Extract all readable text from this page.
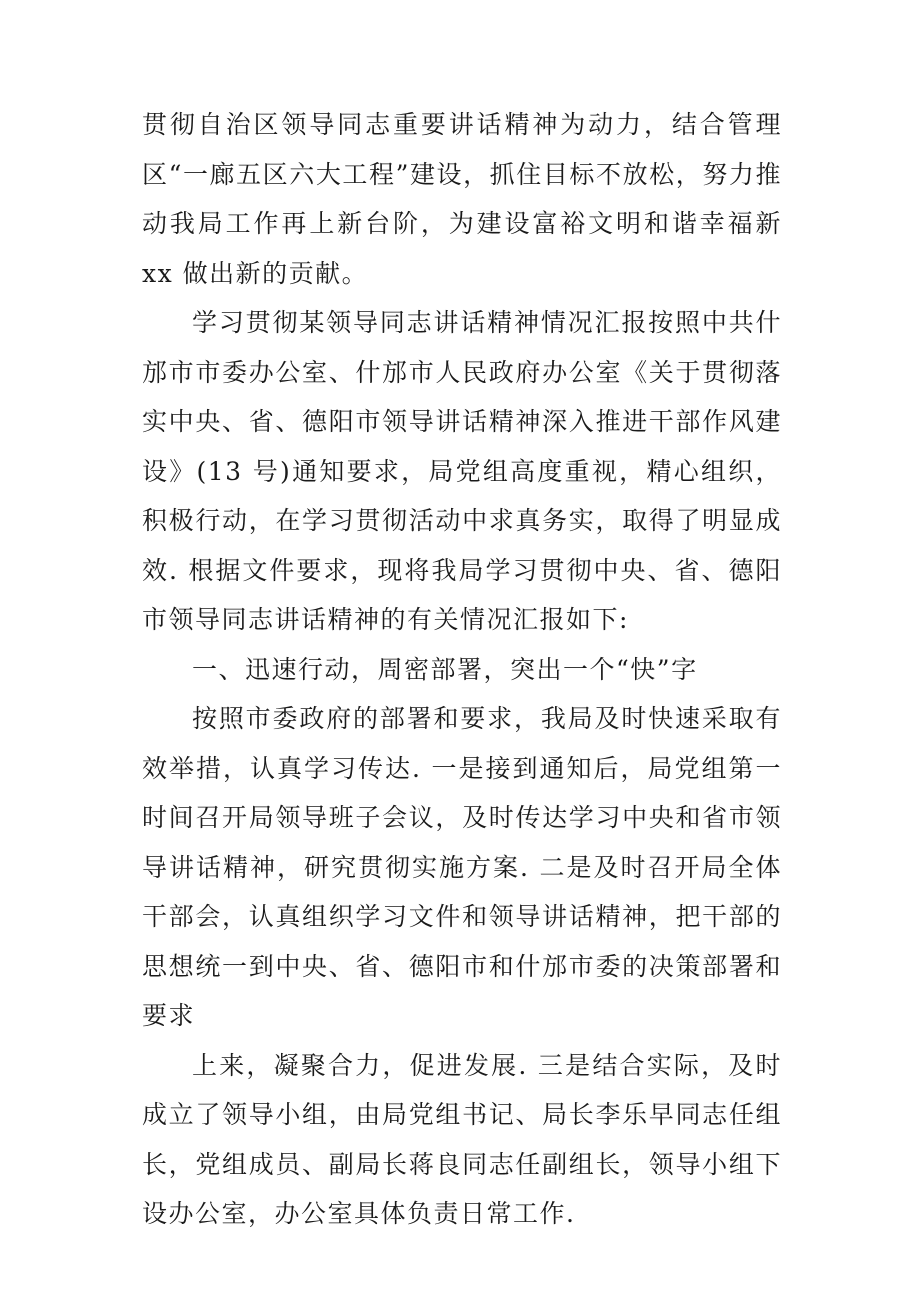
贯彻自治区领导同志重要讲话精神为动力，结合管理区“一廊五区六大工程”建设，抓住目标不放松，努力推动我局工作再上新台阶，为建设富裕文明和谐幸福新 xx 做出新的贡献。

学习贯彻某领导同志讲话精神情况汇报按照中共什邡市市委办公室、什邡市人民政府办公室《关于贯彻落实中央、省、德阳市领导讲话精神深入推进干部作风建设》(13 号)通知要求，局党组高度重视，精心组织，积极行动，在学习贯彻活动中求真务实，取得了明显成效. 根据文件要求，现将我局学习贯彻中央、省、德阳市领导同志讲话精神的有关情况汇报如下:

一、迅速行动，周密部署，突出一个“快”字

按照市委政府的部署和要求，我局及时快速采取有效举措，认真学习传达. 一是接到通知后，局党组第一时间召开局领导班子会议，及时传达学习中央和省市领导讲话精神，研究贯彻实施方案. 二是及时召开局全体干部会，认真组织学习文件和领导讲话精神，把干部的思想统一到中央、省、德阳市和什邡市委的决策部署和要求

上来，凝聚合力，促进发展. 三是结合实际，及时成立了领导小组，由局党组书记、局长李乐早同志任组长，党组成员、副局长蒋良同志任副组长，领导小组下设办公室，办公室具体负责日常工作.
